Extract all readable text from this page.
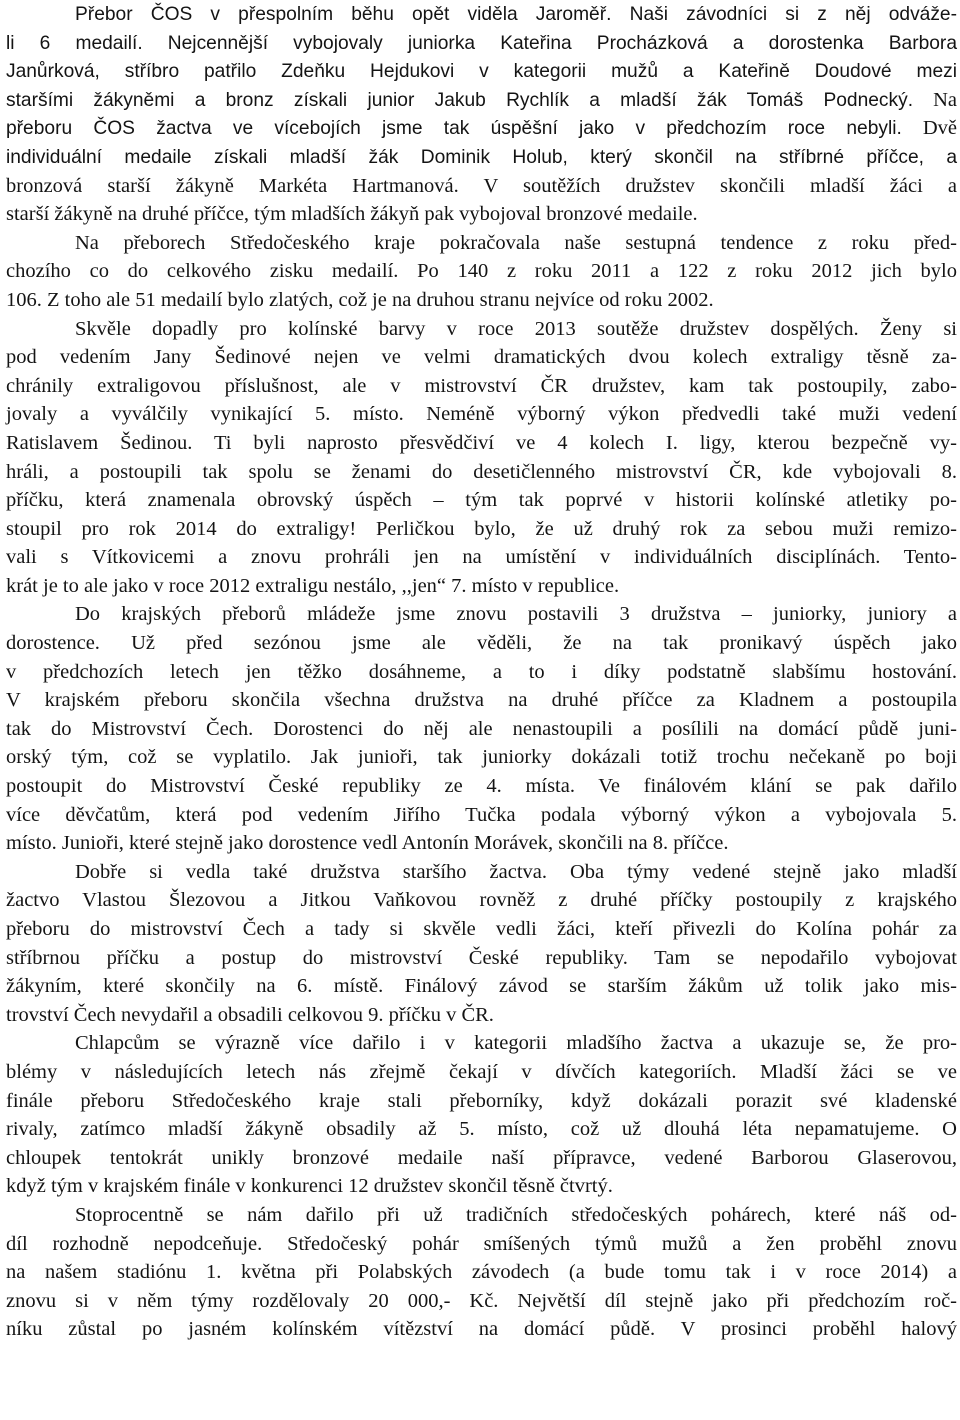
Přebor ČOS v přespolním běhu opět viděla Jaroměř. Naši závodníci si z něj odváže-
li 6 medailí. Nejcennější vybojovaly juniorka Kateřina Procházková a dorostenka Barbora
Janůrková, stříbro patřilo Zdeňku Hejdukovi v kategorii mužů a Kateřině Doudové mezi
staršími žákyněmi a bronz získali junior Jakub Rychlík a mladší žák Tomáš Podnecký. Na
přeboru ČOS žactva ve vícebojích jsme tak úspěšní jako v předchozím roce nebyli. Dvě
individuální medaile získali mladší žák Dominik Holub, který skončil na stříbrné příčce, a
bronzová starší žákyně Markéta Hartmanová. V soutěžích družstev skončili mladší žáci a
starší žákyně na druhé příčce, tým mladších žákyň pak vybojoval bronzové medaile.
Na přeborech Středočeského kraje pokračovala naše sestupná tendence z roku před-
chozího co do celkového zisku medailí. Po 140 z roku 2011 a 122 z roku 2012 jich bylo
106. Z toho ale 51 medailí bylo zlatých, což je na druhou stranu nejvíce od roku 2002.
Skvěle dopadly pro kolínské barvy v roce 2013 soutěže družstev dospělých. Ženy si
pod vedením Jany Šedinové nejen ve velmi dramatických dvou kolech extraligy těsně za-
chránily extraligovou příslušnost, ale v mistrovství ČR družstev, kam tak postoupily, zabo-
jovaly a vyválčily vynikající 5. místo. Neméně výborný výkon předvedli také muži vedení
Ratislavem Šedinou. Ti byli naprosto přesvědčiví ve 4 kolech I. ligy, kterou bezpečně vy-
hráli, a postoupili tak spolu se ženami do desetičlenného mistrovství ČR, kde vybojovali 8.
příčku, která znamenala obrovský úspěch – tým tak poprvé v historii kolínské atletiky po-
stoupil pro rok 2014 do extraligy! Perličkou bylo, že už druhý rok za sebou muži remizo-
vali s Vítkovicemi a znovu prohráli jen na umístění v individuálních disciplínách. Tento-
krát je to ale jako v roce 2012 extraligu nestálo, ,,jen“ 7. místo v republice.
Do krajských přeborů mládeže jsme znovu postavili 3 družstva – juniorky, juniory a
dorostence. Už před sezónou jsme ale věděli, že na tak pronikavý úspěch jako
v předchozích letech jen těžko dosáhneme, a to i díky podstatně slabšímu hostování.
V krajském přeboru skončila všechna družstva na druhé příčce za Kladnem a postoupila
tak do Mistrovství Čech. Dorostenci do něj ale nenastoupili a posílili na domácí půdě juni-
orský tým, což se vyplatilo. Jak junioři, tak juniorky dokázali totiž trochu nečekaně po boji
postoupit do Mistrovství České republiky ze 4. místa. Ve finálovém klání se pak dařilo
více děvčatům, která pod vedením Jiřího Tučka podala výborný výkon a vybojovala 5.
místo. Junioři, které stejně jako dorostence vedl Antonín Morávek, skončili na 8. příčce.
Dobře si vedla také družstva staršího žactva. Oba týmy vedené stejně jako mladší
žactvo Vlastou Šlezovou a Jitkou Vaňkovou rovněž z druhé příčky postoupily z krajského
přeboru do mistrovství Čech a tady si skvěle vedli žáci, kteří přivezli do Kolína pohár za
stříbrnou příčku a postup do mistrovství České republiky. Tam se nepodařilo vybojovat
žákyním, které skončily na 6. místě. Finálový závod se starším žákům už tolik jako mis-
trovství Čech nevydařil a obsadili celkovou 9. příčku v ČR.
Chlapcům se výrazně více dařilo i v kategorii mladšího žactva a ukazuje se, že pro-
blémy v následujících letech nás zřejmě čekají v dívčích kategoriích. Mladší žáci se ve
finále přeboru Středočeského kraje stali přeborníky, když dokázali porazit své kladenské
rivaly, zatímco mladší žákyně obsadily až 5. místo, což už dlouhá léta nepamatujeme. O
chloupek tentokrát unikly bronzové medaile naší přípravce, vedené Barborou Glaserovou,
když tým v krajském finále v konkurenci 12 družstev skončil těsně čtvrtý.
Stoprocentně se nám dařilo při už tradičních středočeských pohárech, které náš od-
díl rozhodně nepodceňuje. Středočeský pohár smíšených týmů mužů a žen proběhl znovu
na našem stadiónu 1. května při Polabských závodech (a bude tomu tak i v roce 2014) a
znovu si v něm týmy rozdělovaly 20 000,- Kč. Největší díl stejně jako při předchozím roč-
níku zůstal po jasném kolínském vítězství na domácí půdě. V prosinci proběhl halový
